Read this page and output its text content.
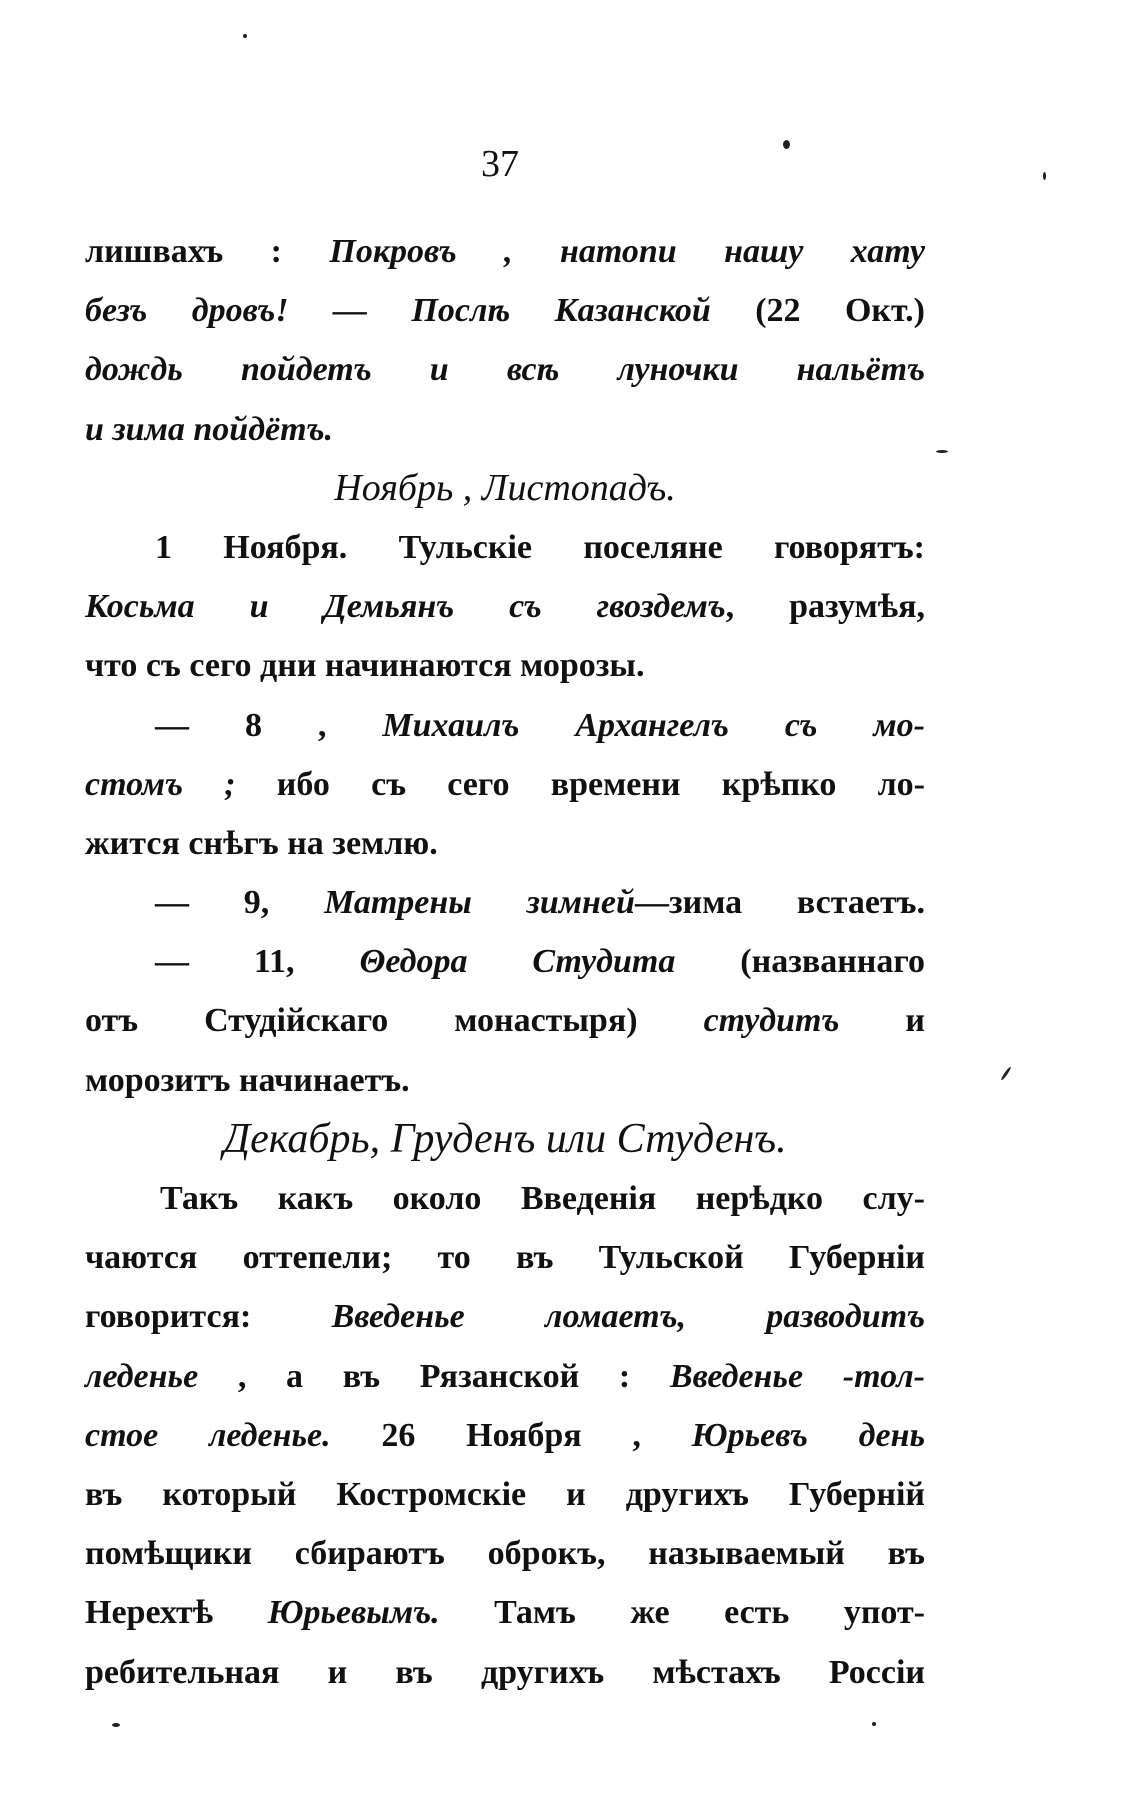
37
лишвахъ : Покровъ , натопи нашу хату
безъ дровъ! — Послѣ Казанской (22 Окт.)
дождь пойдетъ и всѣ луночки нальётъ
и зима пойдётъ.
Ноябрь , Листопадъ.
1 Ноября. Тульскіе поселяне говорятъ:
Косьма и Демьянъ съ гвоздемъ, разумѣя,
что съ сего дни начинаются морозы.
— 8 , Михаилъ Архангелъ съ мо-
стомъ ; ибо съ сего времени крѣпко ло-
жится снѣгъ на землю.
— 9, Матрены зимней—зима встаетъ.
— 11, Θедора Студита (названнаго
отъ Студійскаго монастыря) студитъ и
морозитъ начинаетъ.
Декабрь, Груденъ или Студенъ.
Такъ какъ около Введенія нерѣдко слу-
чаются оттепели; то въ Тульской Губерніи
говорится: Введенье ломаетъ, разводитъ
леденье , а въ Рязанской : Введенье -тол-
стое леденье. 26 Ноября , Юрьевъ день
въ который Костромскіе и другихъ Губерній
помѣщики сбираютъ оброкъ, называемый въ
Нерехтѣ Юрьевымъ. Тамъ же есть упот-
ребительная и въ другихъ мѣстахъ Россіи
